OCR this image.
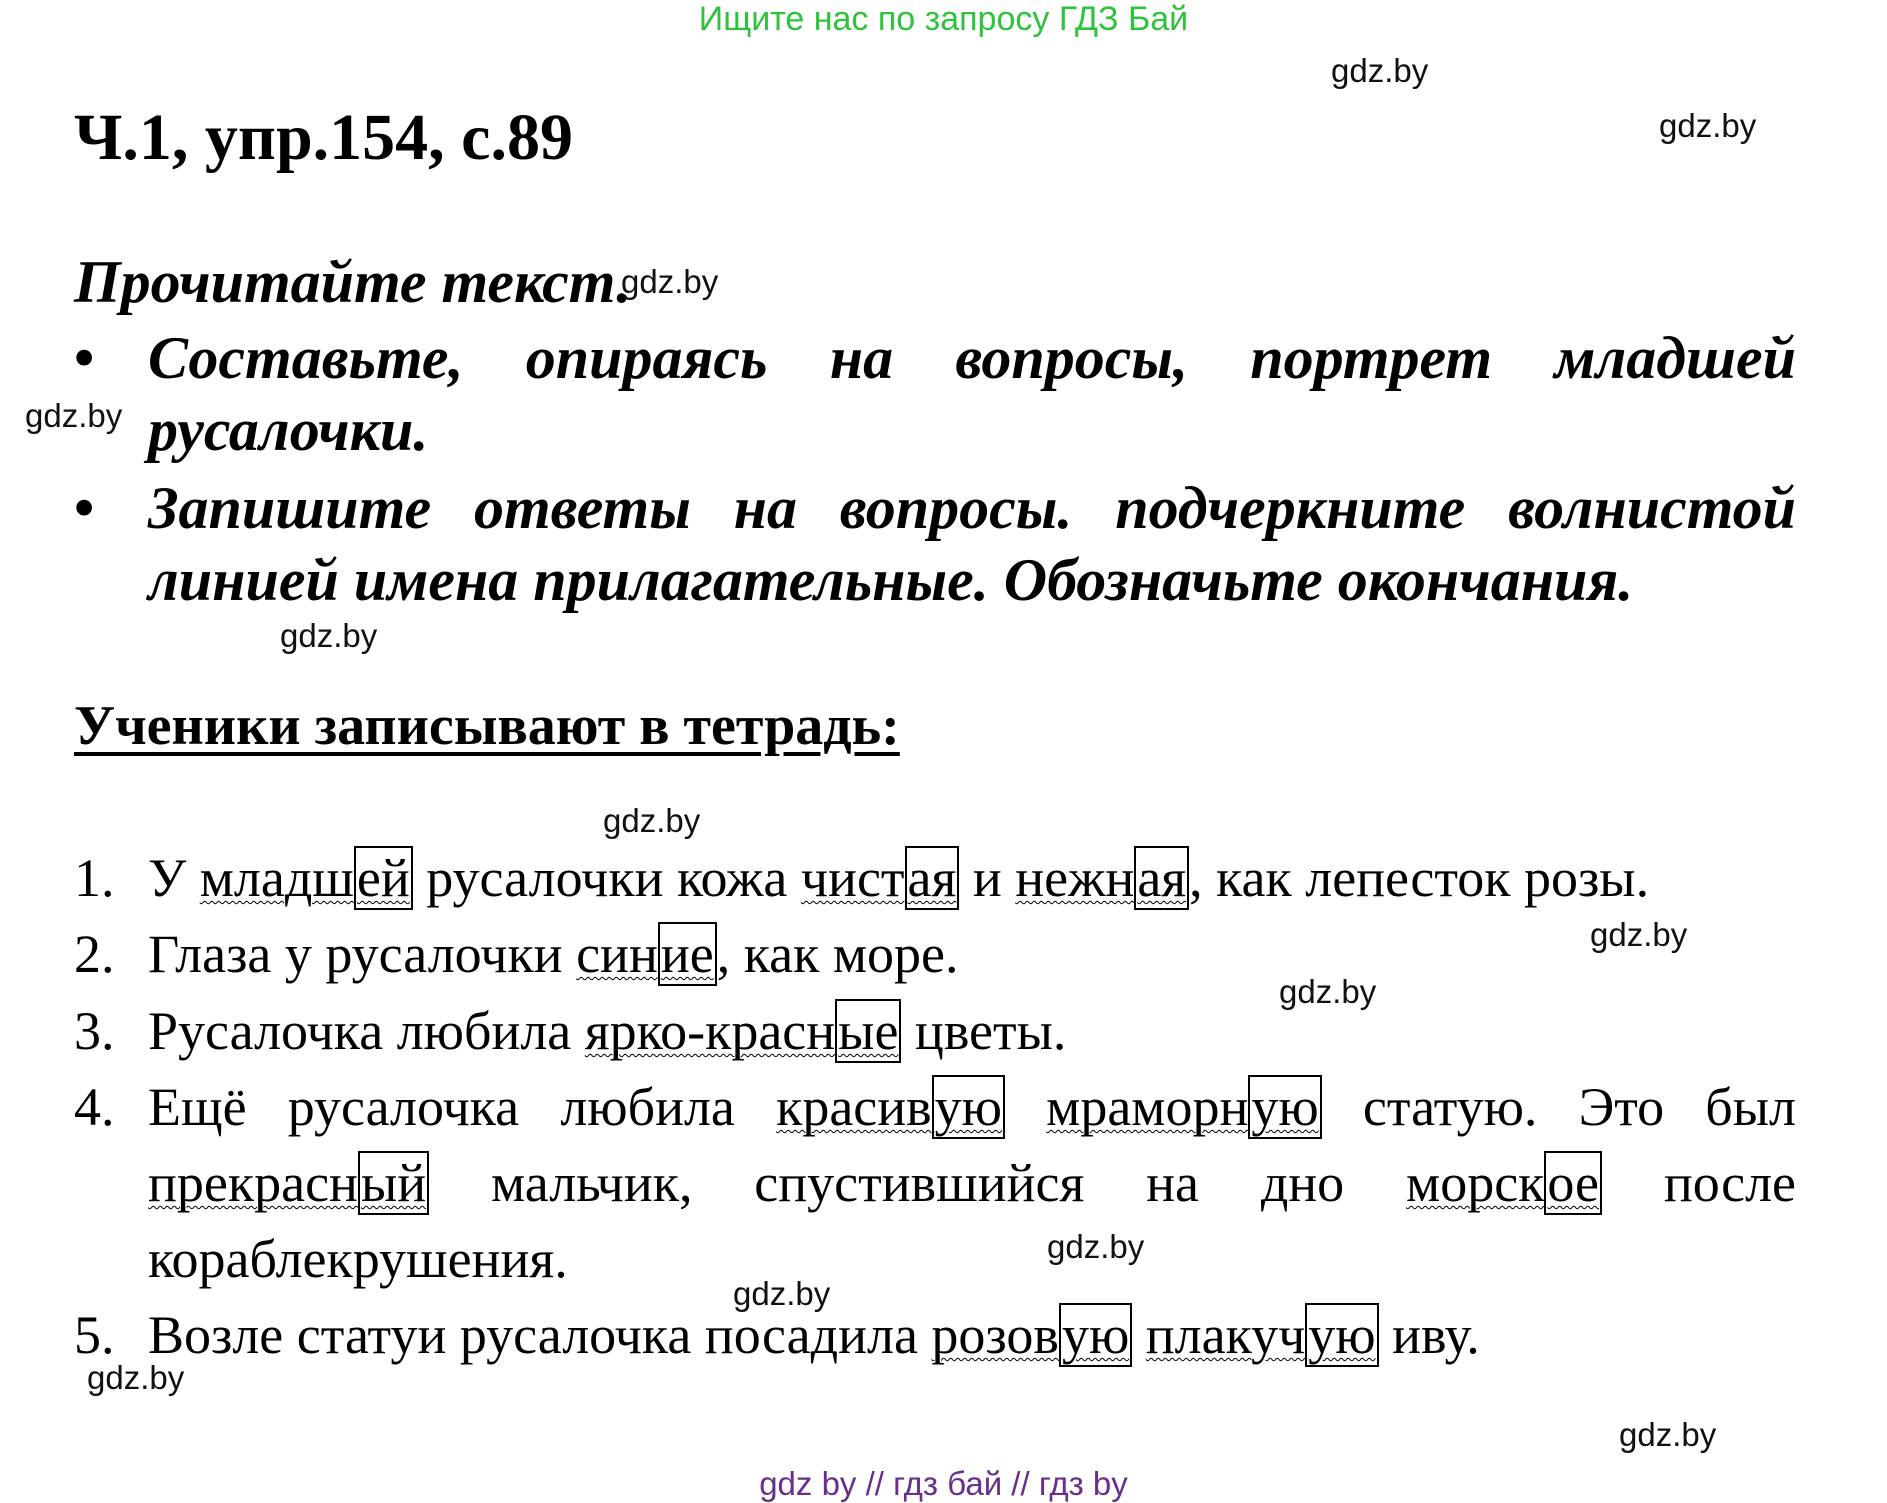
Ищите нас по запросу ГДЗ Бай
Ч.1, упр.154, с.89
Прочитайте текст.
• Составьте, опираясь на вопросы, портрет младшей русалочки.
• Запишите ответы на вопросы. подчеркните волнистой линией имена прилагательные. Обозначьте окончания.
Ученики записывают в тетрадь:
1. У младшей русалочки кожа чистая и нежная, как лепесток розы.
2. Глаза у русалочки синие, как море.
3. Русалочка любила ярко-красные цветы.
4. Ещё русалочка любила красивую мраморную статую. Это был прекрасный мальчик, спустившийся на дно морское после кораблекрушения.
5. Возле статуи русалочка посадила розовую плакучую иву.
gdz.by
gdz.by
gdz.by
gdz.by
gdz.by
gdz.by
gdz.by
gdz.by
gdz.by
gdz.by
gdz.by
gdz.by
gdz by // гдз бай // гдз by
